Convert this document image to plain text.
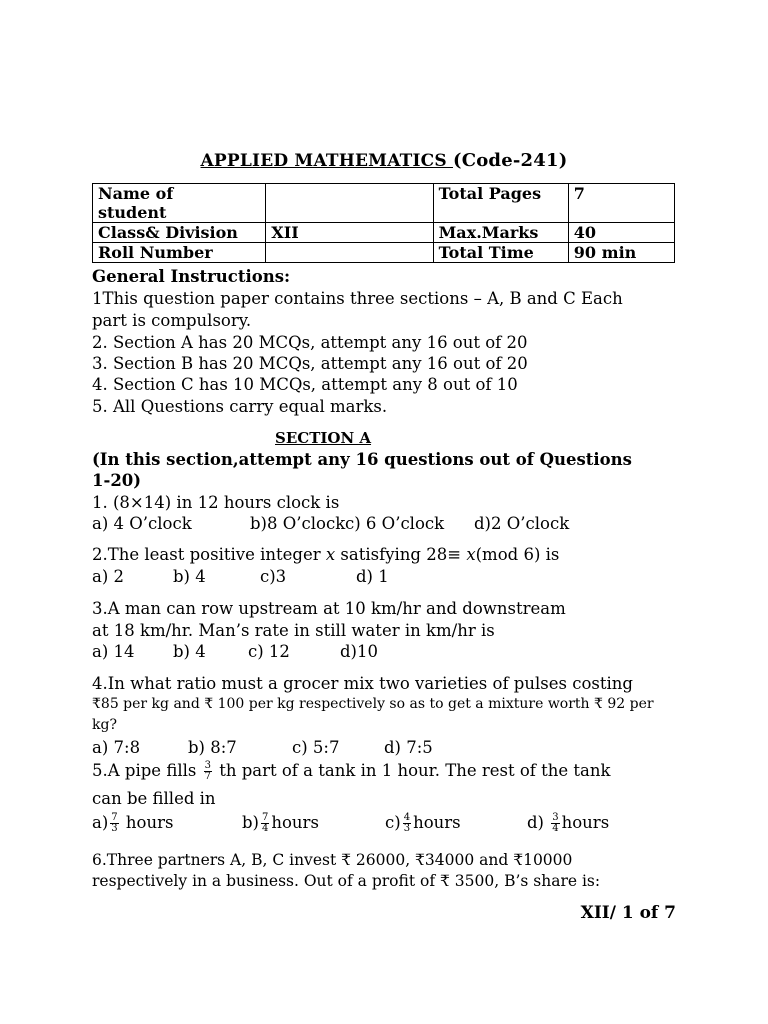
APPLIED MATHEMATICS (Code-241)
Name of student		Total Pages	7
Class& Division	XII	Max.Marks	40
Roll Number		Total Time	90 min
General Instructions:
1This question paper contains three sections – A, B and C Each
part is compulsory.
2. Section A has 20 MCQs, attempt any 16 out of 20
3. Section B has 20 MCQs, attempt any 16 out of 20
4. Section C has 10 MCQs, attempt any 8 out of 10
5. All Questions carry equal marks.
SECTION A
(In this section,attempt any 16 questions out of Questions
1-20)
1. (8×14) in 12 hours clock is
a) 4 O’clock	b)8 O’clock c) 6 O’clock d)2 O’clock
2.The least positive integer x satisfying 28≡ x(mod 6) is
a) 2	b) 4	c)3	d) 1
3.A man can row upstream at 10 km/hr and downstream
at 18 km/hr. Man’s rate in still water in km/hr is
a) 14 b) 4	c) 12	d)10
4.In what ratio must a grocer mix two varieties of pulses costing
₹85 per kg and ₹ 100 per kg respectively so as to get a mixture worth ₹ 92 per
kg?
a) 7:8	b) 8:7	c) 5:7	d) 7:5
5.A pipe fills $\frac{3}{7}$ th part of a tank in 1 hour. The rest of the tank
can be filled in
$a) \frac{7}{3}$ hours	$b) \frac{7}{4}$ hours	$c) \frac{4}{3}$ hours	$d) \frac{3}{4}$ hours
6.Three partners A, B, C invest ₹ 26000, ₹34000 and ₹10000
respectively in a business. Out of a profit of ₹ 3500, B’s share is:
XII/ 1 of 7
